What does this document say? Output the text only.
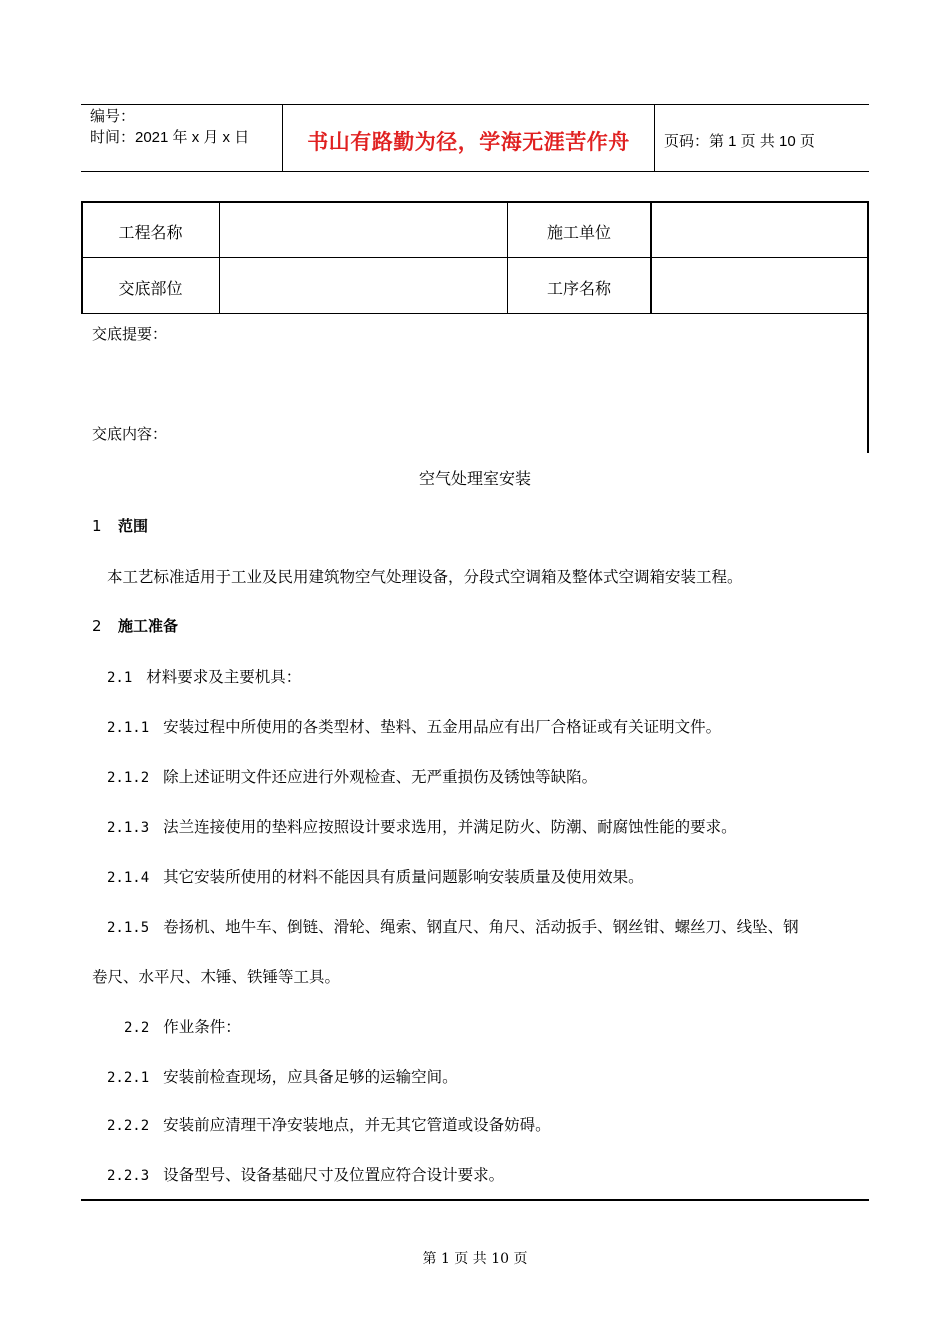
编号：
时间：2021 年 x 月 x 日	书山有路勤为径，学海无涯苦作舟	页码：第 1 页 共 10 页
工程名称	施工单位
交底部位	工序名称
交底提要：
交底内容：
空气处理室安装
1 范围
本工艺标准适用于工业及民用建筑物空气处理设备，分段式空调箱及整体式空调箱安装工程。
2 施工准备
2.1 材料要求及主要机具：
2.1.1 安装过程中所使用的各类型材、垫料、五金用品应有出厂合格证或有关证明文件。
2.1.2 除上述证明文件还应进行外观检查、无严重损伤及锈蚀等缺陷。
2.1.3 法兰连接使用的垫料应按照设计要求选用，并满足防火、防潮、耐腐蚀性能的要求。
2.1.4 其它安装所使用的材料不能因具有质量问题影响安装质量及使用效果。
2.1.5 卷扬机、地牛车、倒链、滑轮、绳索、钢直尺、角尺、活动扳手、钢丝钳、螺丝刀、线坠、钢
卷尺、水平尺、木锤、铁锤等工具。
2.2 作业条件：
2.2.1 安装前检查现场，应具备足够的运输空间。
2.2.2 安装前应清理干净安装地点，并无其它管道或设备妨碍。
2.2.3 设备型号、设备基础尺寸及位置应符合设计要求。
第 1 页 共 10 页
